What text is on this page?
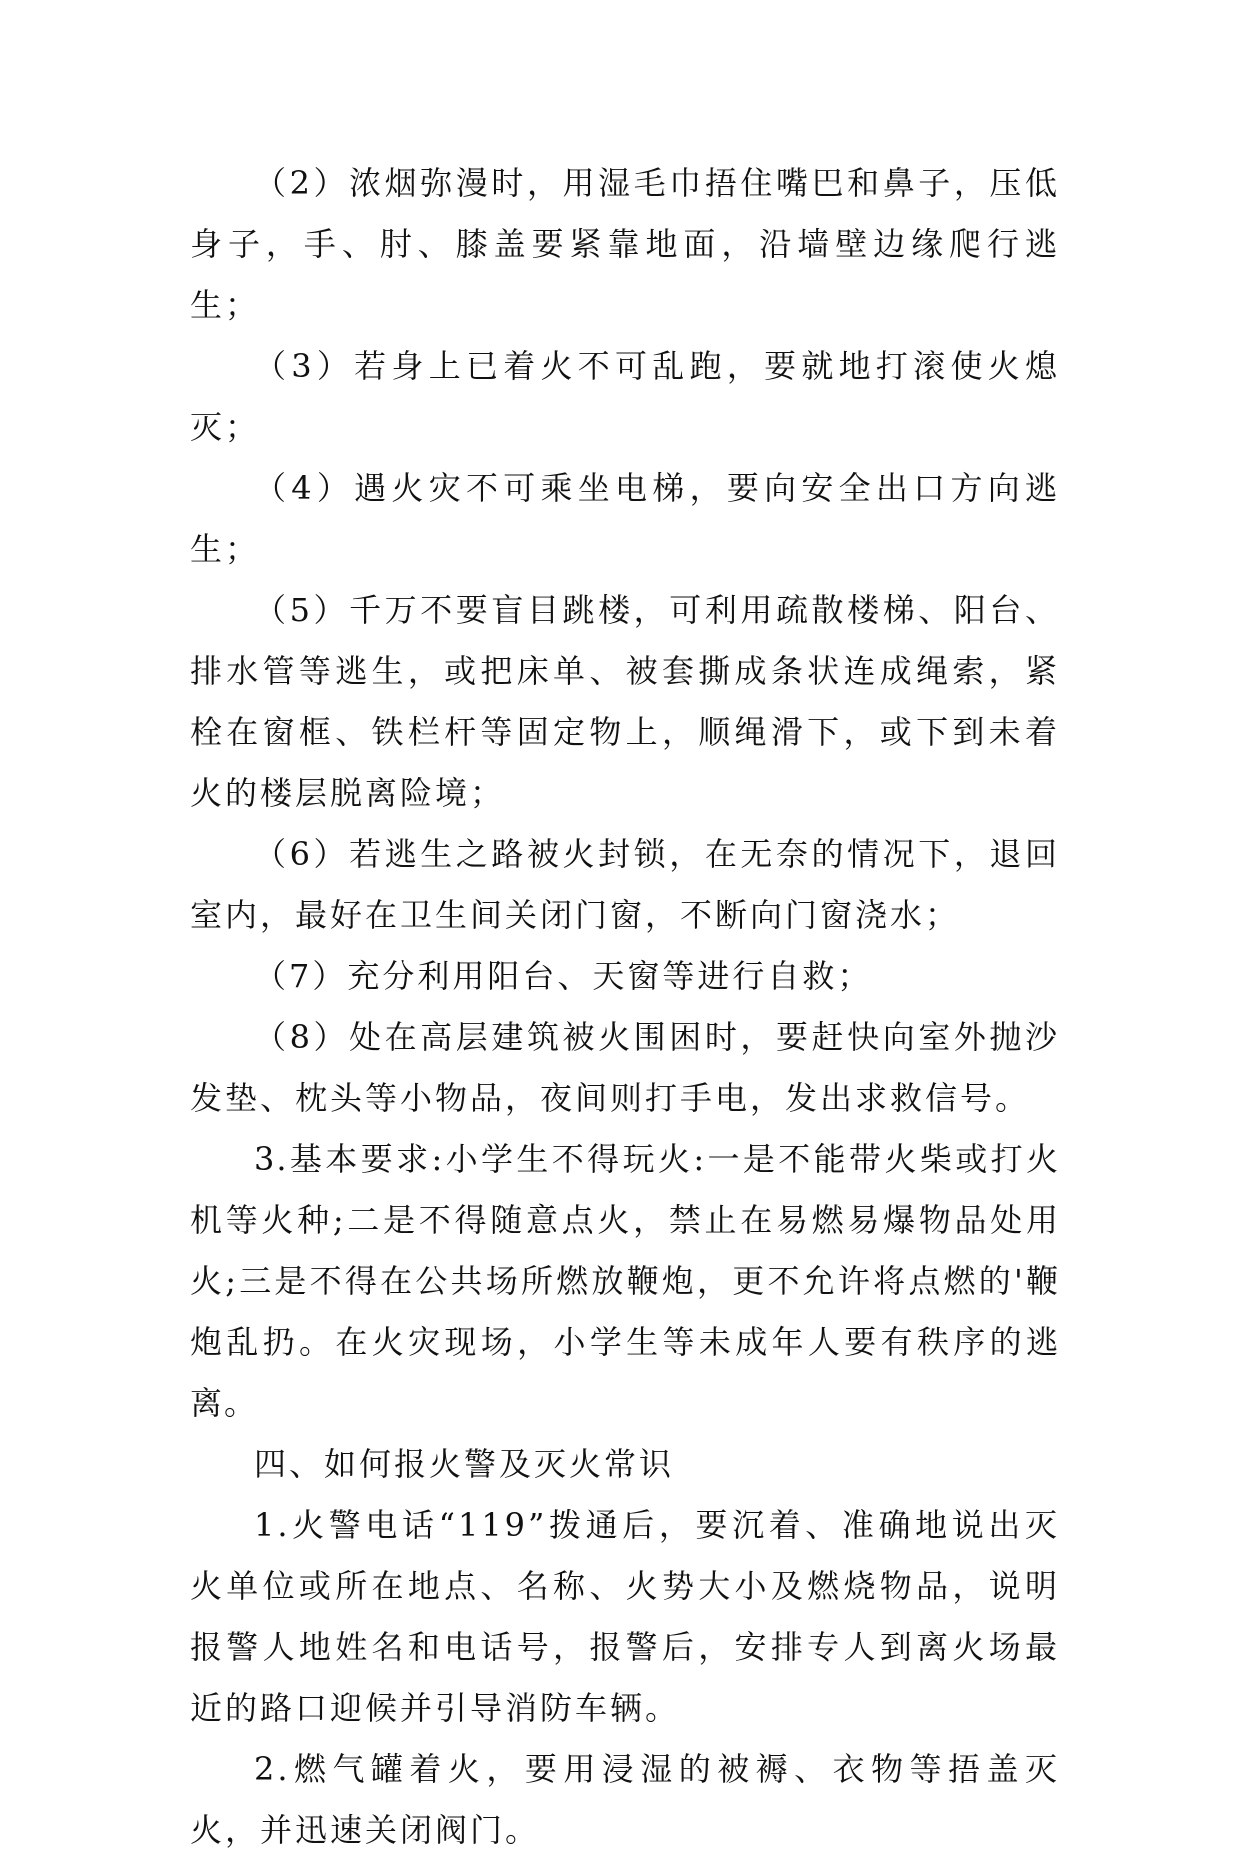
（2）浓烟弥漫时，用湿毛巾捂住嘴巴和鼻子，压低身子，手、肘、膝盖要紧靠地面，沿墙壁边缘爬行逃生；

（3）若身上已着火不可乱跑，要就地打滚使火熄灭；

（4）遇火灾不可乘坐电梯，要向安全出口方向逃生；

（5）千万不要盲目跳楼，可利用疏散楼梯、阳台、排水管等逃生，或把床单、被套撕成条状连成绳索，紧栓在窗框、铁栏杆等固定物上，顺绳滑下，或下到未着火的楼层脱离险境；

（6）若逃生之路被火封锁，在无奈的情况下，退回室内，最好在卫生间关闭门窗，不断向门窗浇水；

（7）充分利用阳台、天窗等进行自救；

（8）处在高层建筑被火围困时，要赶快向室外抛沙发垫、枕头等小物品，夜间则打手电，发出求救信号。

3.基本要求:小学生不得玩火:一是不能带火柴或打火机等火种;二是不得随意点火，禁止在易燃易爆物品处用火;三是不得在公共场所燃放鞭炮，更不允许将点燃的'鞭炮乱扔。在火灾现场，小学生等未成年人要有秩序的逃离。

四、如何报火警及灭火常识

1.火警电话“119”拨通后，要沉着、准确地说出灭火单位或所在地点、名称、火势大小及燃烧物品，说明报警人地姓名和电话号，报警后，安排专人到离火场最近的路口迎候并引导消防车辆。

2.燃气罐着火，要用浸湿的被褥、衣物等捂盖灭火，并迅速关闭阀门。
